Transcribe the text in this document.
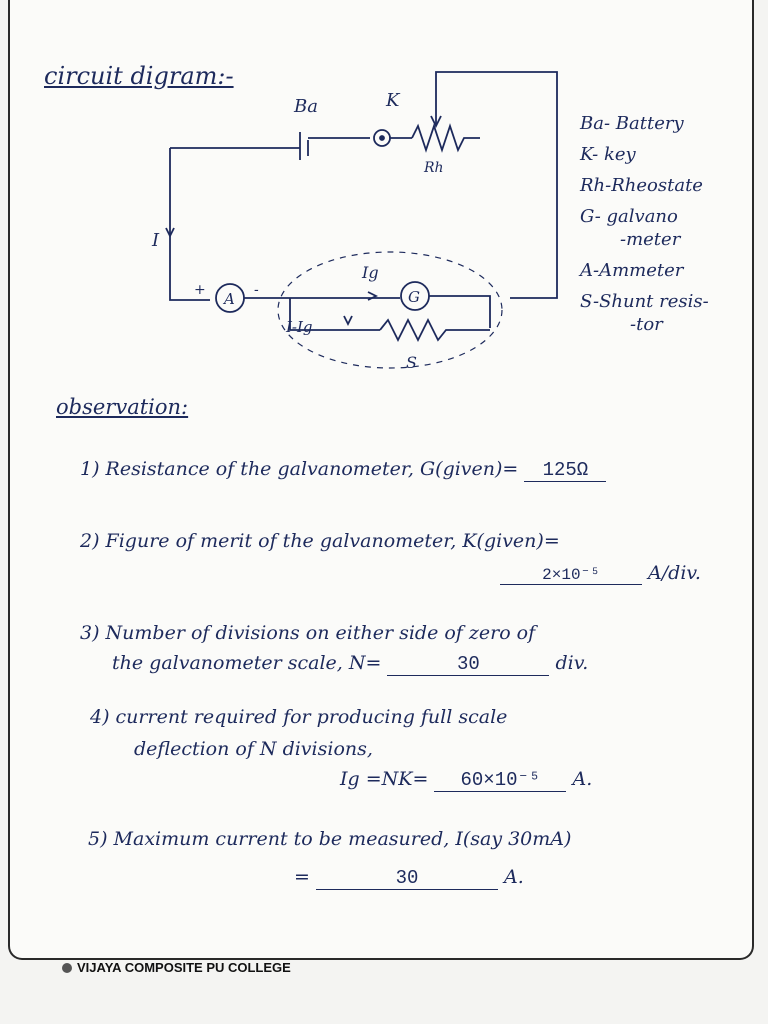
circuit digram:-
Ba	K
Rh
I
Ig
I-Ig
A	G
S
+	-
Ba- Battery
K- key
Rh-Rheostate
G- galvano
-meter
A-Ammeter
S-Shunt resis-
-tor
observation:
1) Resistance of the galvanometer, G(given)= 125Ω
2) Figure of merit of the galvanometer, K(given)=
2×10⁻⁵	A/div.
3) Number of divisions on either side of zero of
the galvanometer scale, N=	30	div.
4) current required for producing full scale
deflection of N divisions,
Ig =NK= 60×10⁻⁵ A.
5) Maximum current to be measured, I(say 30mA)
=	30	A.
VIJAYA COMPOSITE PU COLLEGE
